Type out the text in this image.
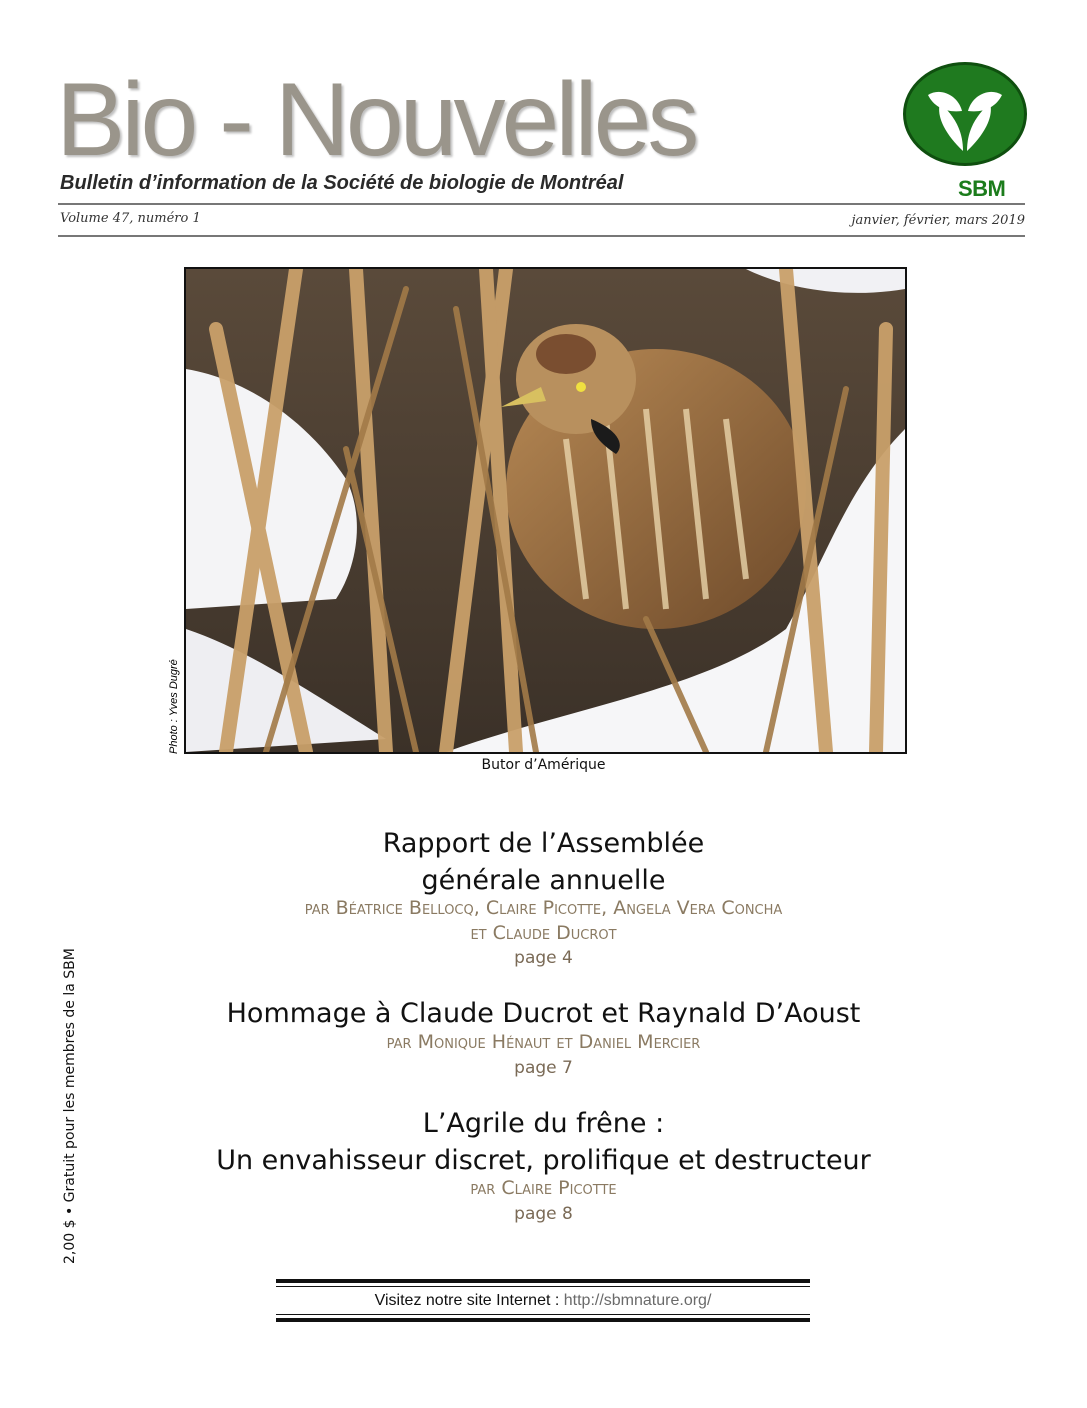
Bio - Nouvelles
Bulletin d’information de la Société de biologie de Montréal
Volume 47, numéro 1	janvier, février, mars 2019
SBM
Photo : Yves Dugré
Butor d’Amérique
Rapport de l’Assemblée
générale annuelle
par Béatrice Bellocq, Claire Picotte, Angela Vera Concha
et Claude Ducrot
page 4
Hommage à Claude Ducrot et Raynald D’Aoust
par Monique Hénaut et Daniel Mercier
page 7
L’Agrile du frêne :
Un envahisseur discret, prolifique et destructeur
par Claire Picotte
page 8
2,00 $ • Gratuit pour les membres de la SBM
Visitez notre site Internet : http://sbmnature.org/
